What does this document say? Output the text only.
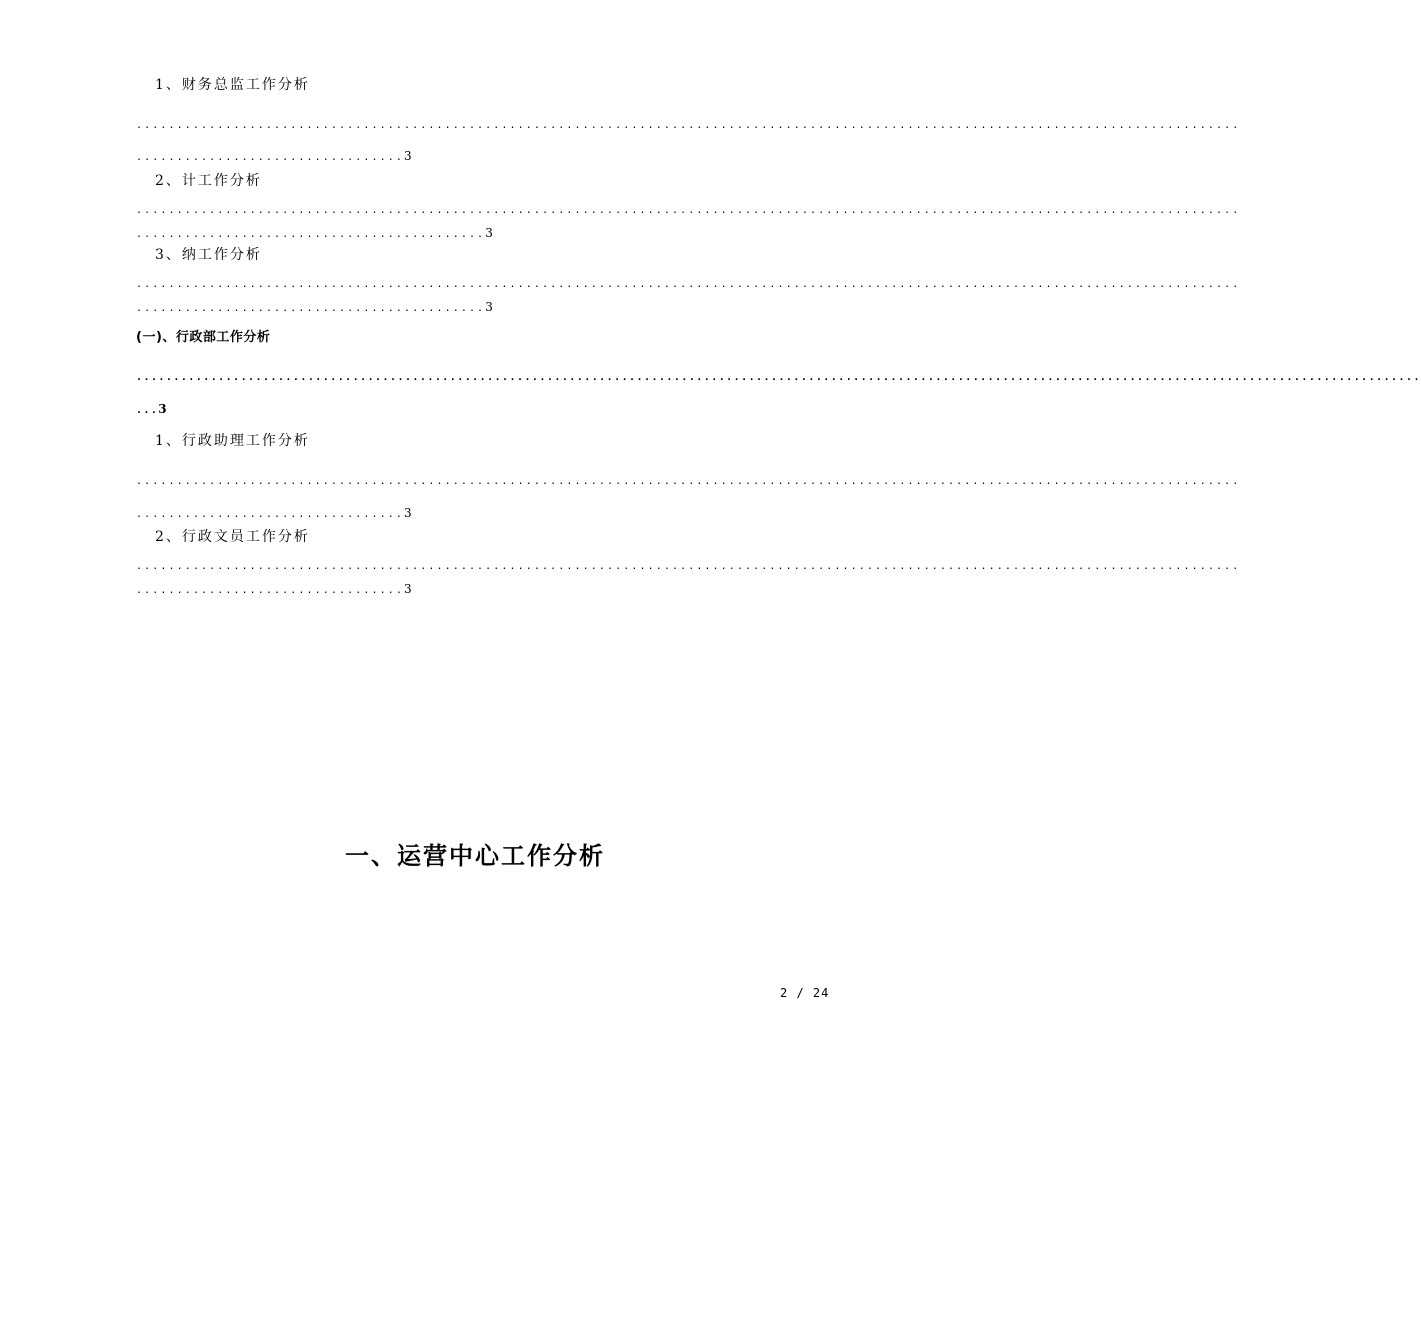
1、财务总监工作分析
........................................................................................................................................
.................................3
2、计工作分析
........................................................................................................................................
...........................................3
3、纳工作分析
........................................................................................................................................
...........................................3
(一)、行政部工作分析
............................................................................................................................................................................
...3
1、行政助理工作分析
........................................................................................................................................
.................................3
2、行政文员工作分析
........................................................................................................................................
.................................3
一、运营中心工作分析
2 / 24
